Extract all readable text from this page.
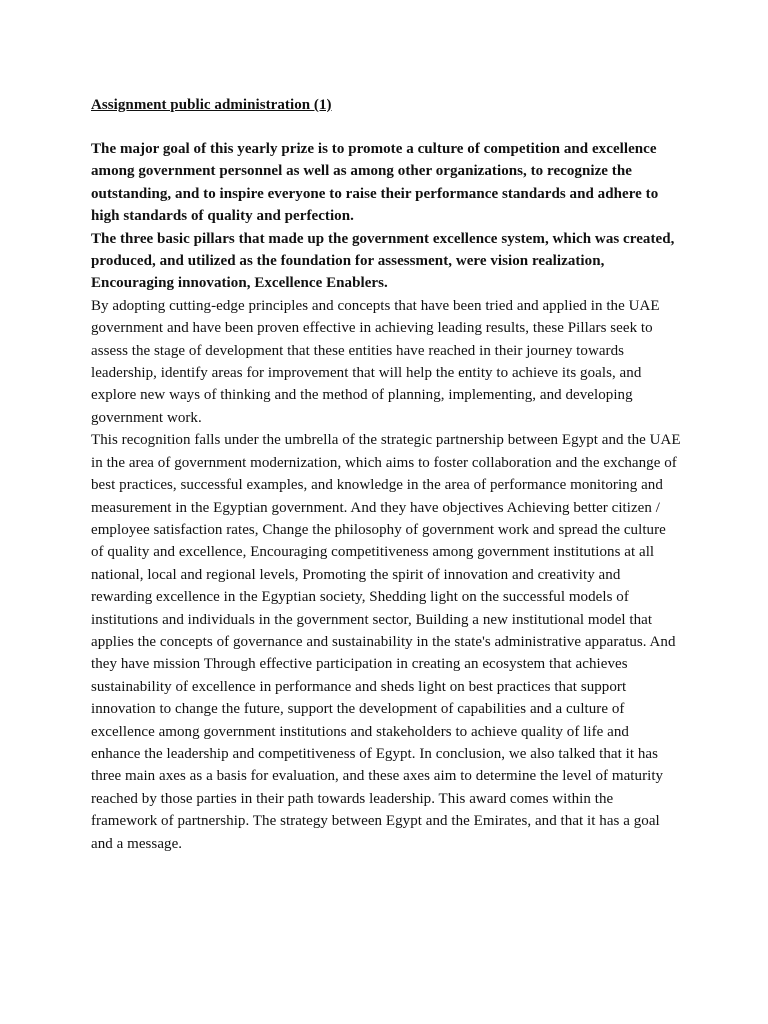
Assignment public administration (1)

The major goal of this yearly prize is to promote a culture of competition and excellence among government personnel as well as among other organizations, to recognize the outstanding, and to inspire everyone to raise their performance standards and adhere to high standards of quality and perfection.

The three basic pillars that made up the government excellence system, which was created, produced, and utilized as the foundation for assessment, were vision realization, Encouraging innovation, Excellence Enablers.

By adopting cutting-edge principles and concepts that have been tried and applied in the UAE government and have been proven effective in achieving leading results, these Pillars seek to assess the stage of development that these entities have reached in their journey towards leadership, identify areas for improvement that will help the entity to achieve its goals, and explore new ways of thinking and the method of planning, implementing, and developing government work.

This recognition falls under the umbrella of the strategic partnership between Egypt and the UAE in the area of government modernization, which aims to foster collaboration and the exchange of best practices, successful examples, and knowledge in the area of performance monitoring and measurement in the Egyptian government. And they have objectives Achieving better citizen / employee satisfaction rates, Change the philosophy of government work and spread the culture of quality and excellence, Encouraging competitiveness among government institutions at all national, local and regional levels, Promoting the spirit of innovation and creativity and rewarding excellence in the Egyptian society, Shedding light on the successful models of institutions and individuals in the government sector, Building a new institutional model that applies the concepts of governance and sustainability in the state's administrative apparatus. And they have mission Through effective participation in creating an ecosystem that achieves sustainability of excellence in performance and sheds light on best practices that support innovation to change the future, support the development of capabilities and a culture of excellence among government institutions and stakeholders to achieve quality of life and enhance the leadership and competitiveness of Egypt. In conclusion, we also talked that it has three main axes as a basis for evaluation, and these axes aim to determine the level of maturity reached by those parties in their path towards leadership. This award comes within the framework of partnership. The strategy between Egypt and the Emirates, and that it has a goal and a message.
